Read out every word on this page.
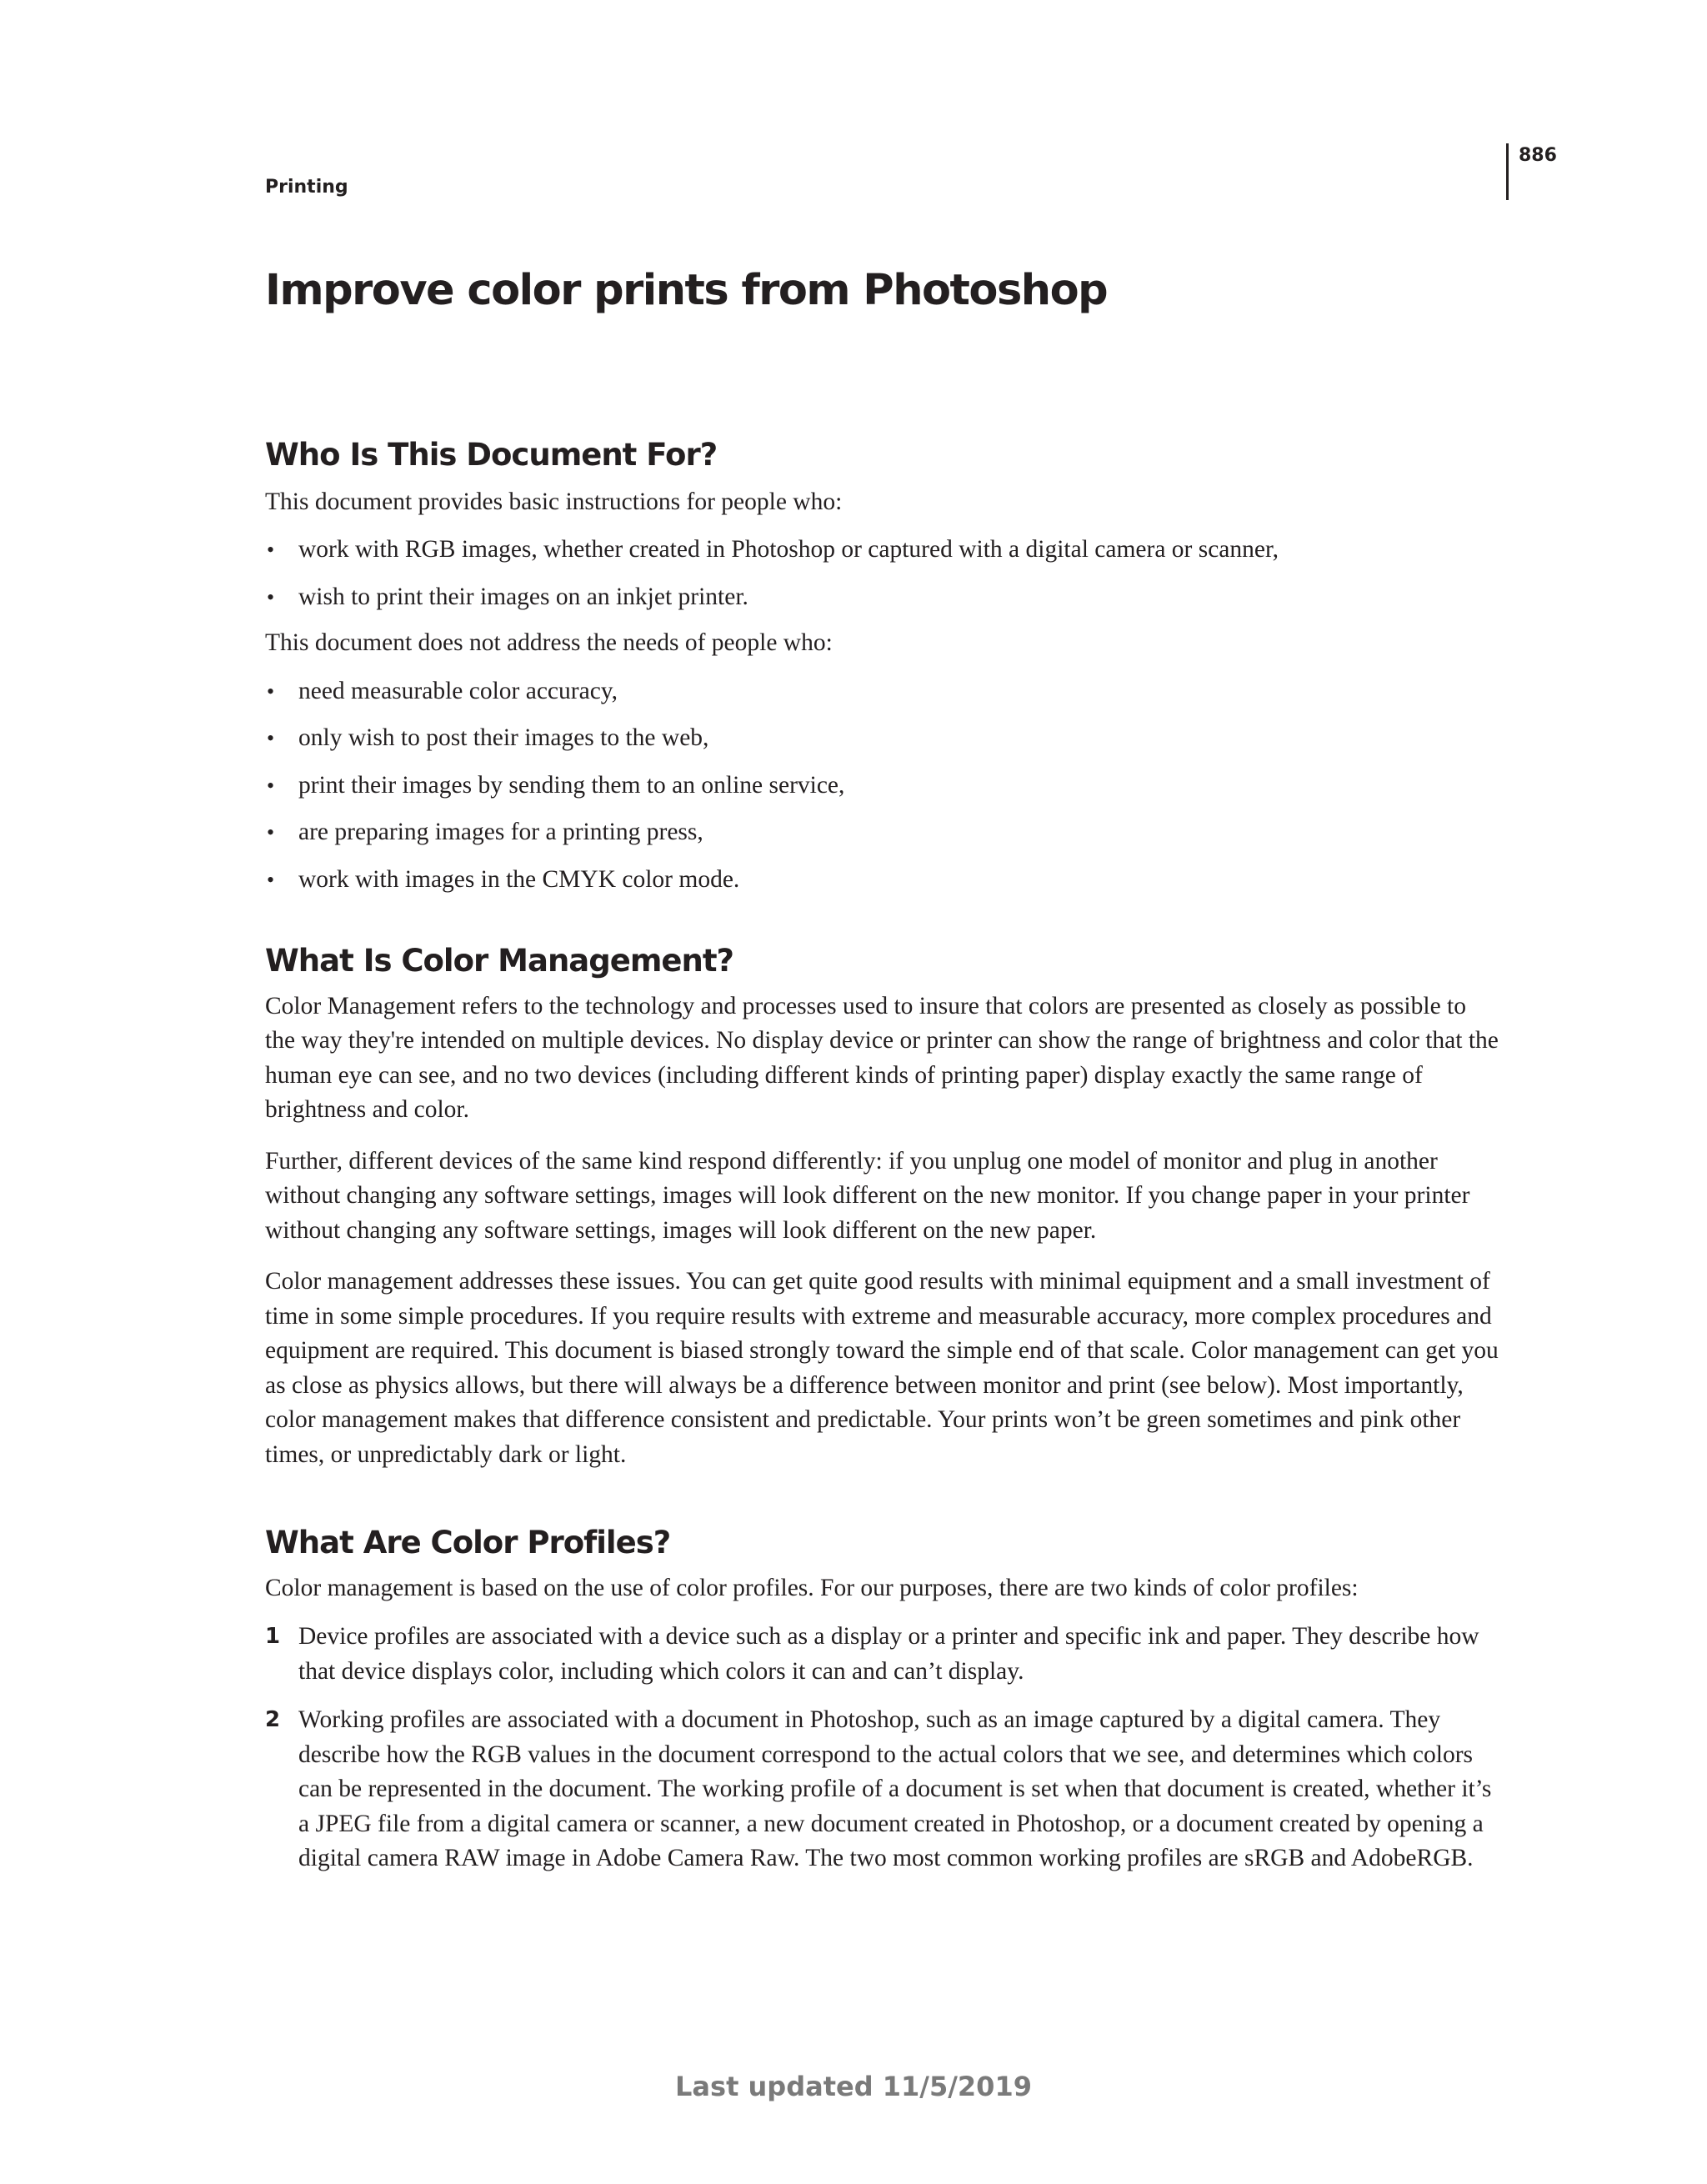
886
Printing
Improve color prints from Photoshop
Who Is This Document For?

This document provides basic instructions for people who:

• work with RGB images, whether created in Photoshop or captured with a digital camera or scanner,
• wish to print their images on an inkjet printer.

This document does not address the needs of people who:

• need measurable color accuracy,
• only wish to post their images to the web,
• print their images by sending them to an online service,
• are preparing images for a printing press,
• work with images in the CMYK color mode.
What Is Color Management?

Color Management refers to the technology and processes used to insure that colors are presented as closely as possible to the way they're intended on multiple devices. No display device or printer can show the range of brightness and color that the human eye can see, and no two devices (including different kinds of printing paper) display exactly the same range of brightness and color.

Further, different devices of the same kind respond differently: if you unplug one model of monitor and plug in another without changing any software settings, images will look different on the new monitor. If you change paper in your printer without changing any software settings, images will look different on the new paper.

Color management addresses these issues. You can get quite good results with minimal equipment and a small investment of time in some simple procedures. If you require results with extreme and measurable accuracy, more complex procedures and equipment are required. This document is biased strongly toward the simple end of that scale. Color management can get you as close as physics allows, but there will always be a difference between monitor and print (see below). Most importantly, color management makes that difference consistent and predictable. Your prints won’t be green sometimes and pink other times, or unpredictably dark or light.

What Are Color Profiles?

Color management is based on the use of color profiles. For our purposes, there are two kinds of color profiles:

1 Device profiles are associated with a device such as a display or a printer and specific ink and paper. They describe how that device displays color, including which colors it can and can’t display.
2 Working profiles are associated with a document in Photoshop, such as an image captured by a digital camera. They describe how the RGB values in the document correspond to the actual colors that we see, and determines which colors can be represented in the document. The working profile of a document is set when that document is created, whether it’s a JPEG file from a digital camera or scanner, a new document created in Photoshop, or a document created by opening a digital camera RAW image in Adobe Camera Raw. The two most common working profiles are sRGB and AdobeRGB.
Last updated 11/5/2019
